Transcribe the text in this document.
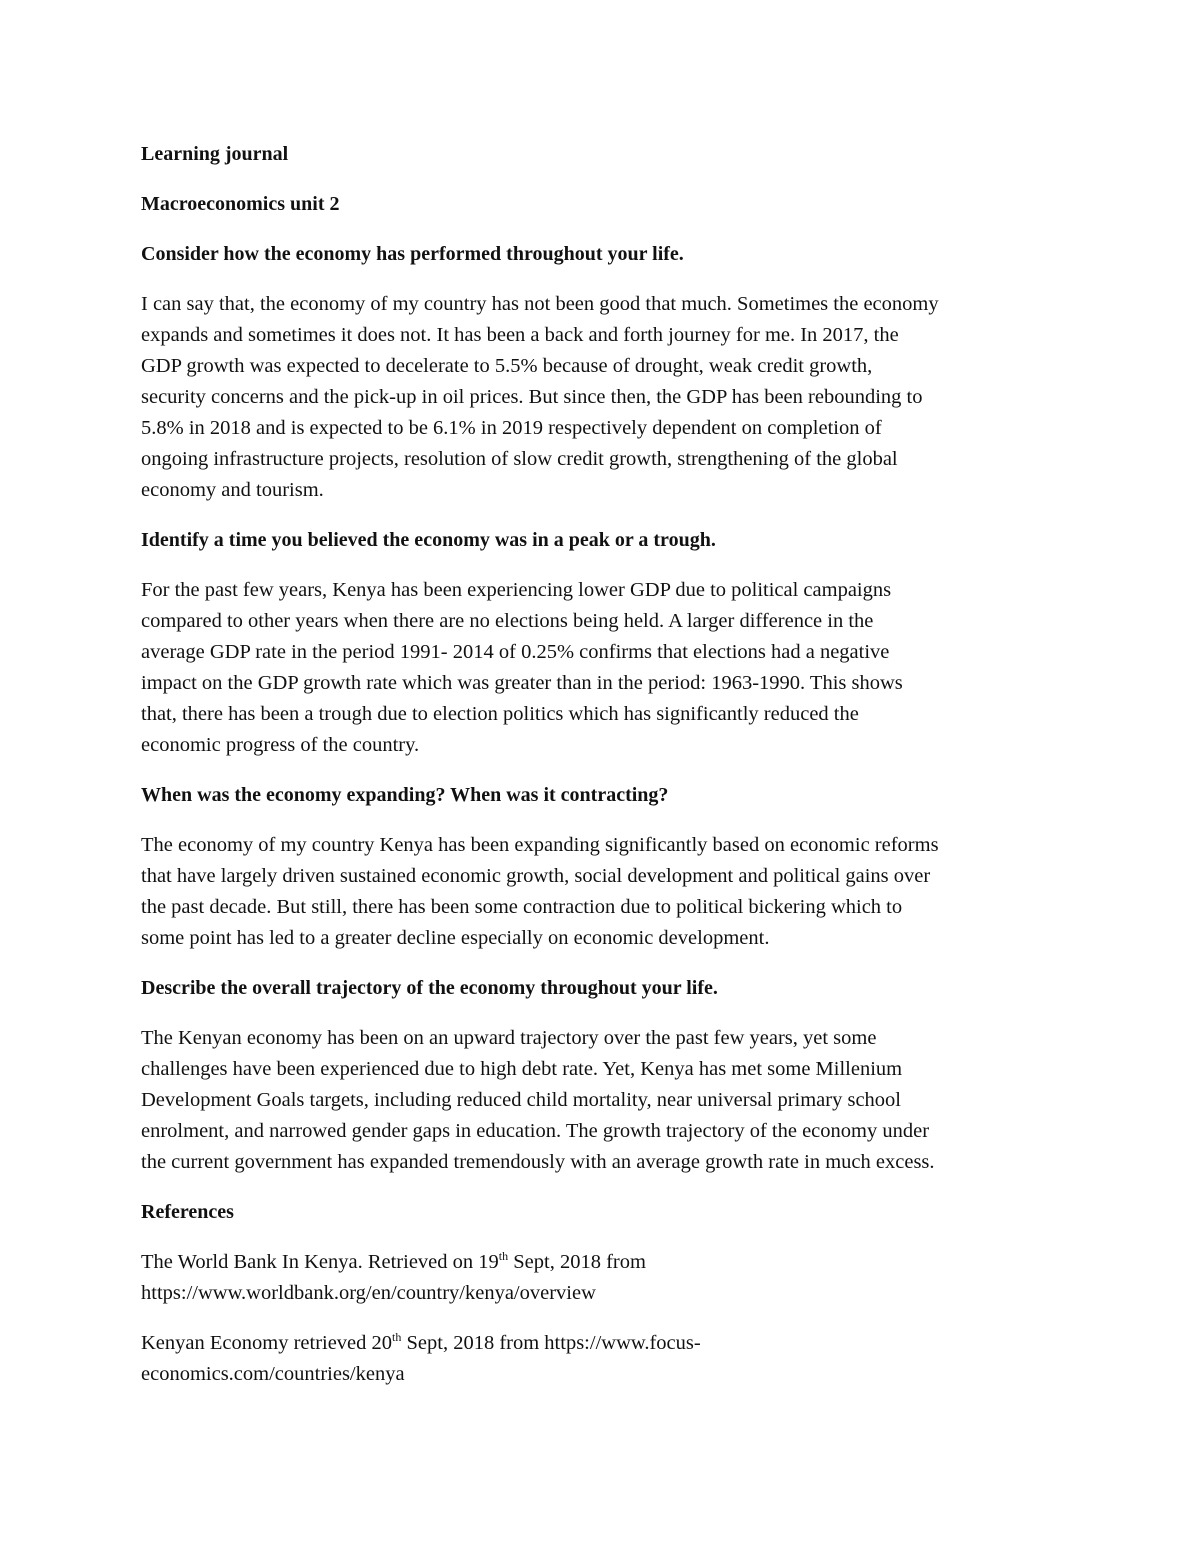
Learning journal
Macroeconomics unit 2
Consider how the economy has performed throughout your life.
I can say that, the economy of my country has not been good that much. Sometimes the economy
expands and sometimes it does not. It has been a back and forth journey for me. In 2017, the
GDP growth was expected to decelerate to 5.5% because of drought, weak credit growth,
security concerns and the pick-up in oil prices. But since then, the GDP has been rebounding to
5.8% in 2018 and is expected to be 6.1% in 2019 respectively dependent on completion of
ongoing infrastructure projects, resolution of slow credit growth, strengthening of the global
economy and tourism.
Identify a time you believed the economy was in a peak or a trough.
For the past few years, Kenya has been experiencing lower GDP due to political campaigns
compared to other years when there are no elections being held. A larger difference in the
average GDP rate in the period 1991- 2014 of 0.25% confirms that elections had a negative
impact on the GDP growth rate which was greater than in the period: 1963-1990. This shows
that, there has been a trough due to election politics which has significantly reduced the
economic progress of the country.
When was the economy expanding? When was it contracting?
The economy of my country Kenya has been expanding significantly based on economic reforms
that have largely driven sustained economic growth, social development and political gains over
the past decade. But still, there has been some contraction due to political bickering which to
some point has led to a greater decline especially on economic development.
Describe the overall trajectory of the economy throughout your life.
The Kenyan economy has been on an upward trajectory over the past few years, yet some
challenges have been experienced due to high debt rate. Yet, Kenya has met some Millenium
Development Goals targets, including reduced child mortality, near universal primary school
enrolment, and narrowed gender gaps in education. The growth trajectory of the economy under
the current government has expanded tremendously with an average growth rate in much excess.
References
The World Bank In Kenya. Retrieved on 19th Sept, 2018 from
https://www.worldbank.org/en/country/kenya/overview
Kenyan Economy retrieved 20th Sept, 2018 from https://www.focus-
economics.com/countries/kenya
